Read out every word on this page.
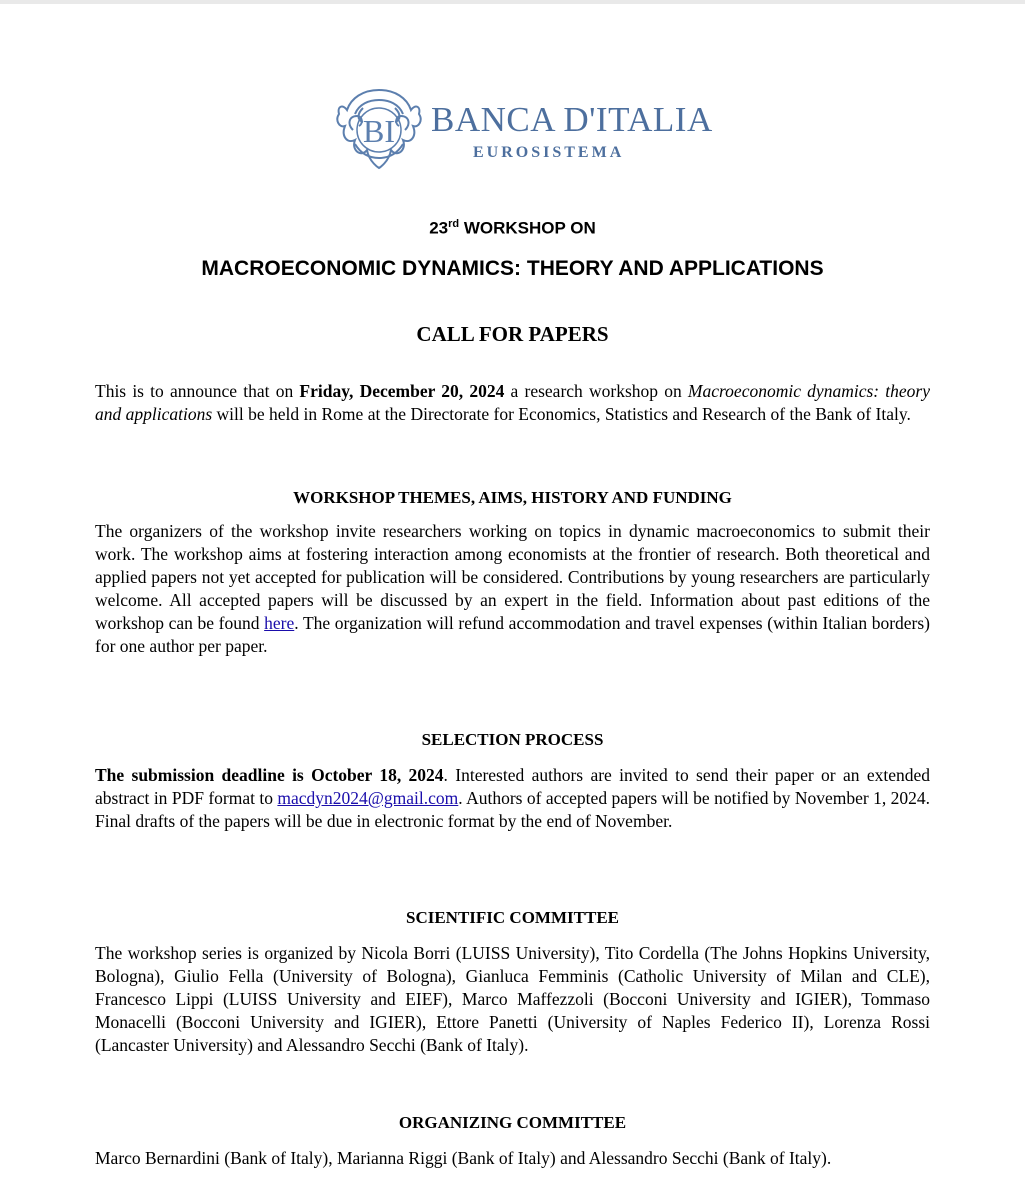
BI BANCA D'ITALIA
EUROSISTEMA
23rd WORKSHOP ON
MACROECONOMIC DYNAMICS: THEORY AND APPLICATIONS
CALL FOR PAPERS

This is to announce that on Friday, December 20, 2024 a research workshop on Macroeconomic dynamics: theory and applications will be held in Rome at the Directorate for Economics, Statistics and Research of the Bank of Italy.

WORKSHOP THEMES, AIMS, HISTORY AND FUNDING

The organizers of the workshop invite researchers working on topics in dynamic macroeconomics to submit their work. The workshop aims at fostering interaction among economists at the frontier of research. Both theoretical and applied papers not yet accepted for publication will be considered. Contributions by young researchers are particularly welcome. All accepted papers will be discussed by an expert in the field. Information about past editions of the workshop can be found here. The organization will refund accommodation and travel expenses (within Italian borders) for one author per paper.

SELECTION PROCESS

The submission deadline is October 18, 2024. Interested authors are invited to send their paper or an extended abstract in PDF format to macdyn2024@gmail.com. Authors of accepted papers will be notified by November 1, 2024. Final drafts of the papers will be due in electronic format by the end of November.

SCIENTIFIC COMMITTEE

The workshop series is organized by Nicola Borri (LUISS University), Tito Cordella (The Johns Hopkins University, Bologna), Giulio Fella (University of Bologna), Gianluca Femminis (Catholic University of Milan and CLE), Francesco Lippi (LUISS University and EIEF), Marco Maffezzoli (Bocconi University and IGIER), Tommaso Monacelli (Bocconi University and IGIER), Ettore Panetti (University of Naples Federico II), Lorenza Rossi (Lancaster University) and Alessandro Secchi (Bank of Italy).

ORGANIZING COMMITTEE

Marco Bernardini (Bank of Italy), Marianna Riggi (Bank of Italy) and Alessandro Secchi (Bank of Italy).
